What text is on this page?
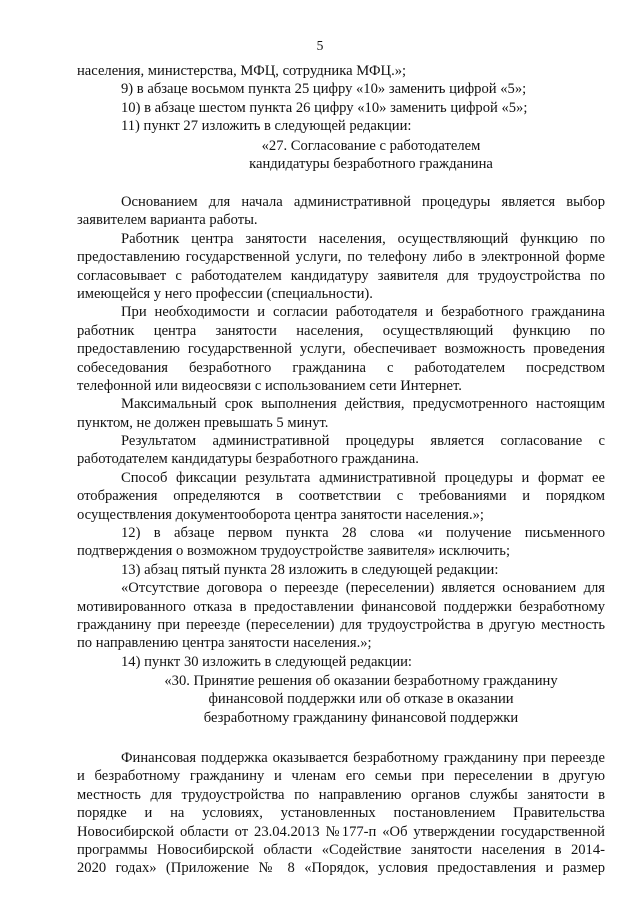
5
населения, министерства, МФЦ, сотрудника МФЦ.»;
9) в абзаце восьмом пункта 25 цифру «10» заменить цифрой «5»;
10) в абзаце шестом пункта 26 цифру «10» заменить цифрой «5»;
11) пункт 27 изложить в следующей редакции:
«27. Согласование с работодателем
кандидатуры безработного гражданина
Основанием для начала административной процедуры является выбор
заявителем варианта работы.
Работник центра занятости населения, осуществляющий функцию по
предоставлению государственной услуги, по телефону либо в электронной форме
согласовывает с работодателем кандидатуру заявителя для трудоустройства по
имеющейся у него профессии (специальности).
При необходимости и согласии работодателя и безработного гражданина
работник центра занятости населения, осуществляющий функцию по
предоставлению государственной услуги, обеспечивает возможность проведения
собеседования безработного гражданина с работодателем посредством
телефонной или видеосвязи с использованием сети Интернет.
Максимальный срок выполнения действия, предусмотренного настоящим
пунктом, не должен превышать 5 минут.
Результатом административной процедуры является согласование с
работодателем кандидатуры безработного гражданина.
Способ фиксации результата административной процедуры и формат ее
отображения определяются в соответствии с требованиями и порядком
осуществления документооборота центра занятости населения.»;
12) в абзаце первом пункта 28 слова «и получение письменного
подтверждения о возможном трудоустройстве заявителя» исключить;
13) абзац пятый пункта 28 изложить в следующей редакции:
«Отсутствие договора о переезде (переселении) является основанием для
мотивированного отказа в предоставлении финансовой поддержки безработному
гражданину при переезде (переселении) для трудоустройства в другую местность
по направлению центра занятости населения.»;
14) пункт 30 изложить в следующей редакции:
«30. Принятие решения об оказании безработному гражданину
финансовой поддержки или об отказе в оказании
безработному гражданину финансовой поддержки
Финансовая поддержка оказывается безработному гражданину при переезде
и безработному гражданину и членам его семьи при переселении в другую
местность для трудоустройства по направлению органов службы занятости в
порядке и на условиях, установленных постановлением Правительства
Новосибирской области от 23.04.2013 №177-п «Об утверждении государственной
программы Новосибирской области «Содействие занятости населения в 2014-
2020 годах» (Приложение № 8 «Порядок, условия предоставления и размер
